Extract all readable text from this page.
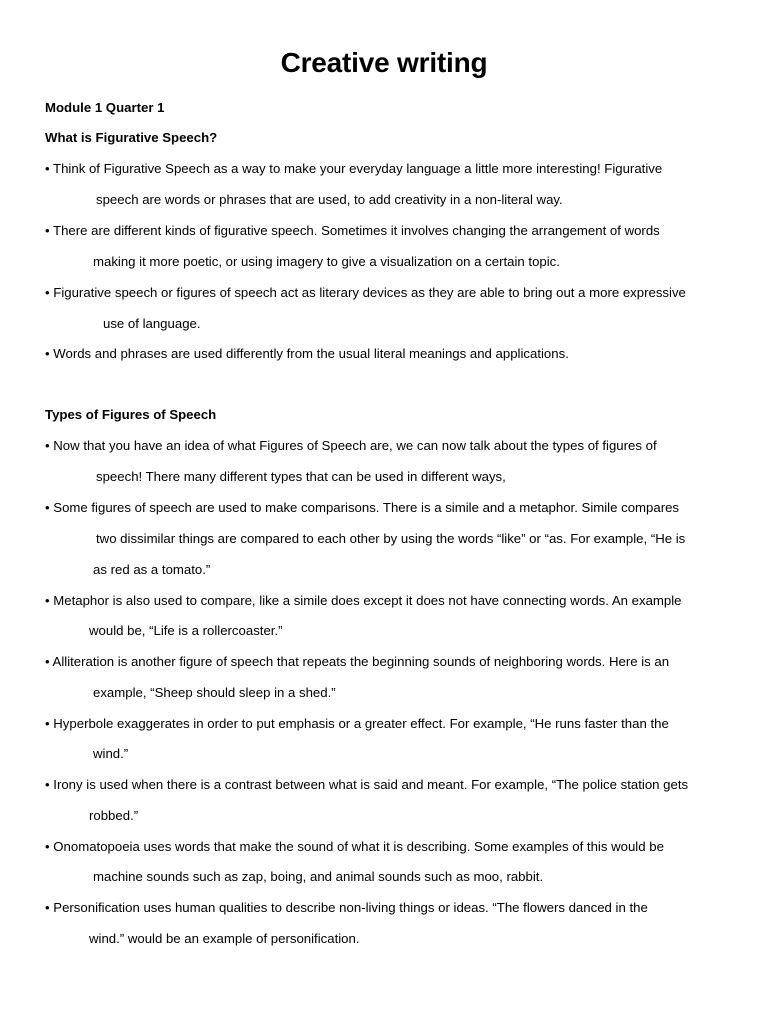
Creative writing
Module 1 Quarter 1
What is Figurative Speech?
• Think of Figurative Speech as a way to make your everyday language a little more interesting! Figurative
speech are words or phrases that are used, to add creativity in a non-literal way.
• There are different kinds of figurative speech. Sometimes it involves changing the arrangement of words
making it more poetic, or using imagery to give a visualization on a certain topic.
• Figurative speech or figures of speech act as literary devices as they are able to bring out a more expressive
use of language.
• Words and phrases are used differently from the usual literal meanings and applications.
Types of Figures of Speech
• Now that you have an idea of what Figures of Speech are, we can now talk about the types of figures of
speech! There many different types that can be used in different ways,
• Some figures of speech are used to make comparisons. There is a simile and a metaphor. Simile compares
two dissimilar things are compared to each other by using the words “like” or “as. For example, “He is
as red as a tomato.”
• Metaphor is also used to compare, like a simile does except it does not have connecting words. An example
would be, “Life is a rollercoaster.”
• Alliteration is another figure of speech that repeats the beginning sounds of neighboring words. Here is an
example, “Sheep should sleep in a shed.”
• Hyperbole exaggerates in order to put emphasis or a greater effect. For example, “He runs faster than the
wind.”
• Irony is used when there is a contrast between what is said and meant. For example, “The police station gets
robbed.”
• Onomatopoeia uses words that make the sound of what it is describing. Some examples of this would be
machine sounds such as zap, boing, and animal sounds such as moo, rabbit.
• Personification uses human qualities to describe non-living things or ideas. “The flowers danced in the
wind.” would be an example of personification.
